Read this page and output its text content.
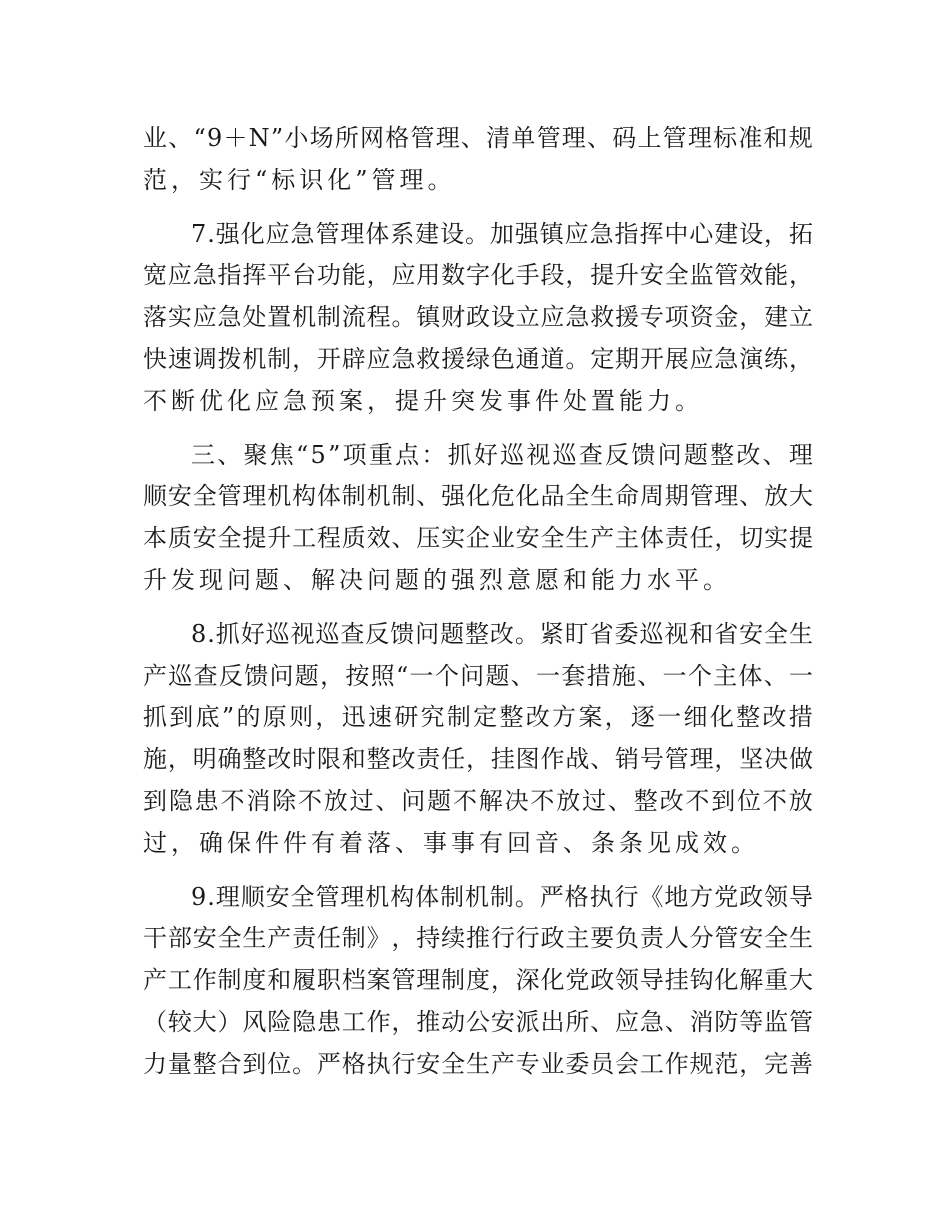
业 、 “ 9 ＋ N ” 小 场 所 网 格 管 理 、 清 单 管 理 、 码 上 管 理 标 准 和 规
范，实行“标识化”管理。
7 . 强 化 应 急 管 理 体 系 建 设 。 加 强 镇 应 急 指 挥 中 心 建 设 ， 拓
宽 应 急 指 挥 平 台 功 能 ， 应 用 数 字 化 手 段 ， 提 升 安 全 监 管 效 能 ，
落 实 应 急 处 置 机 制 流 程 。 镇 财 政 设 立 应 急 救 援 专 项 资 金 ， 建 立
快 速 调 拨 机 制 ， 开 辟 应 急 救 援 绿 色 通 道 。 定 期 开 展 应 急 演 练 ，
不断优化应急预案，提升突发事件处置能力。
三 、 聚 焦 “ 5 ” 项 重 点 ： 抓 好 巡 视 巡 查 反 馈 问 题 整 改 、 理
顺 安 全 管 理 机 构 体 制 机 制 、 强 化 危 化 品 全 生 命 周 期 管 理 、 放 大
本 质 安 全 提 升 工 程 质 效 、 压 实 企 业 安 全 生 产 主 体 责 任 ， 切 实 提
升发现问题、解决问题的强烈意愿和能力水平。
8 . 抓 好 巡 视 巡 查 反 馈 问 题 整 改 。 紧 盯 省 委 巡 视 和 省 安 全 生
产 巡 查 反 馈 问 题 ， 按 照 “ 一 个 问 题 、 一 套 措 施 、 一 个 主 体 、 一
抓 到 底 ” 的 原 则 ， 迅 速 研 究 制 定 整 改 方 案 ， 逐 一 细 化 整 改 措
施 ， 明 确 整 改 时 限 和 整 改 责 任 ， 挂 图 作 战 、 销 号 管 理 ， 坚 决 做
到 隐 患 不 消 除 不 放 过 、 问 题 不 解 决 不 放 过 、 整 改 不 到 位 不 放
过，确保件件有着落、事事有回音、条条见成效。
9 . 理 顺 安 全 管 理 机 构 体 制 机 制 。 严 格 执 行 《 地 方 党 政 领 导
干 部 安 全 生 产 责 任 制 》 ， 持 续 推 行 行 政 主 要 负 责 人 分 管 安 全 生
产 工 作 制 度 和 履 职 档 案 管 理 制 度 ， 深 化 党 政 领 导 挂 钩 化 解 重 大
（ 较 大 ） 风 险 隐 患 工 作 ， 推 动 公 安 派 出 所 、 应 急 、 消 防 等 监 管
力 量 整 合 到 位 。 严 格 执 行 安 全 生 产 专 业 委 员 会 工 作 规 范 ， 完 善
